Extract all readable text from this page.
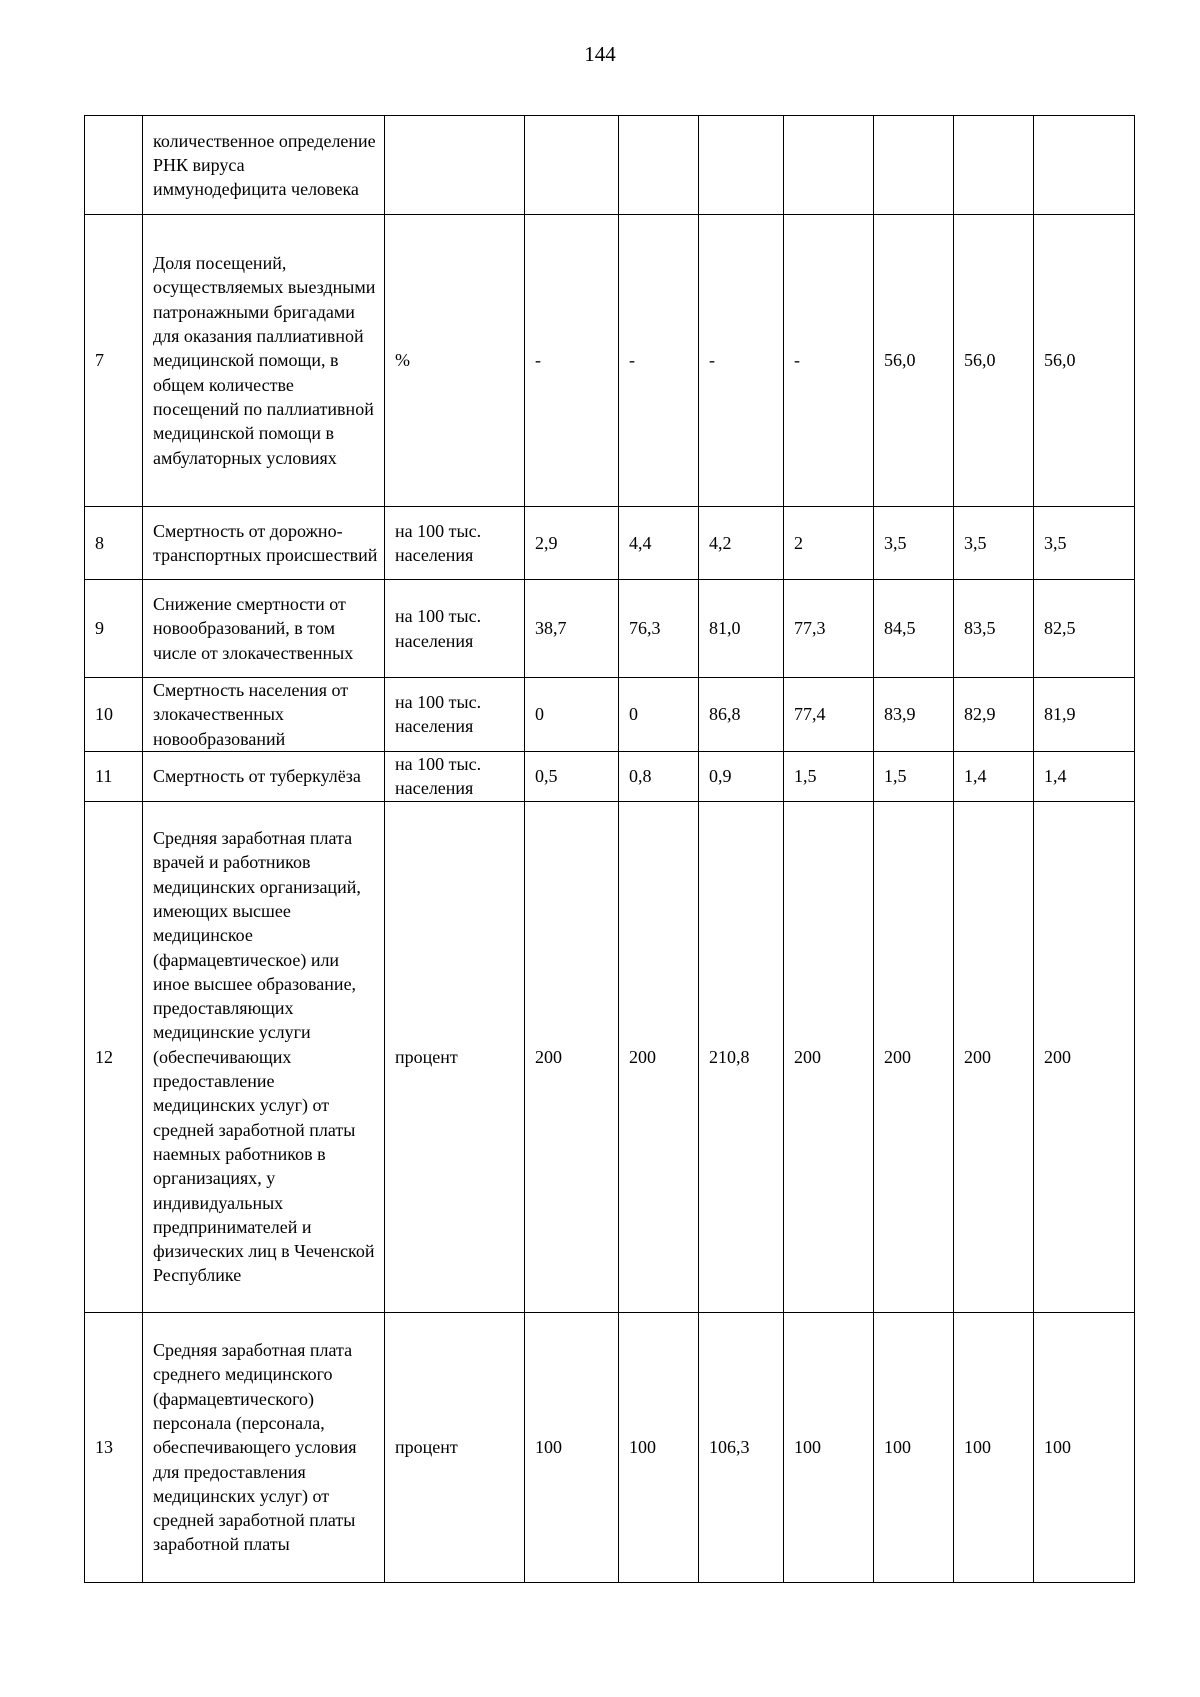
144
	количественное определение РНК вируса иммунодефицита человека								
7	Доля посещений, осуществляемых выездными патронажными бригадами для оказания паллиативной медицинской помощи, в общем количестве посещений по паллиативной медицинской помощи в амбулаторных условиях	%	-	-	-	-	56,0	56,0	56,0
8	Смертность от дорожно-транспортных происшествий	на 100 тыс. населения	2,9	4,4	4,2	2	3,5	3,5	3,5
9	Снижение смертности от новообразований, в том числе от злокачественных	на 100 тыс. населения	38,7	76,3	81,0	77,3	84,5	83,5	82,5
10	Смертность населения от злокачественных новообразований	на 100 тыс. населения	0	0	86,8	77,4	83,9	82,9	81,9
11	Смертность от туберкулёза	на 100 тыс. населения	0,5	0,8	0,9	1,5	1,5	1,4	1,4
12	Средняя заработная плата врачей и работников медицинских организаций, имеющих высшее медицинское (фармацевтическое) или иное высшее образование, предоставляющих медицинские услуги (обеспечивающих предоставление медицинских услуг) от средней заработной платы наемных работников в организациях, у индивидуальных предпринимателей и физических лиц в Чеченской Республике	процент	200	200	210,8	200	200	200	200
13	Средняя заработная плата среднего медицинского (фармацевтического) персонала (персонала, обеспечивающего условия для предоставления медицинских услуг) от средней заработной платы заработной платы	процент	100	100	106,3	100	100	100	100
